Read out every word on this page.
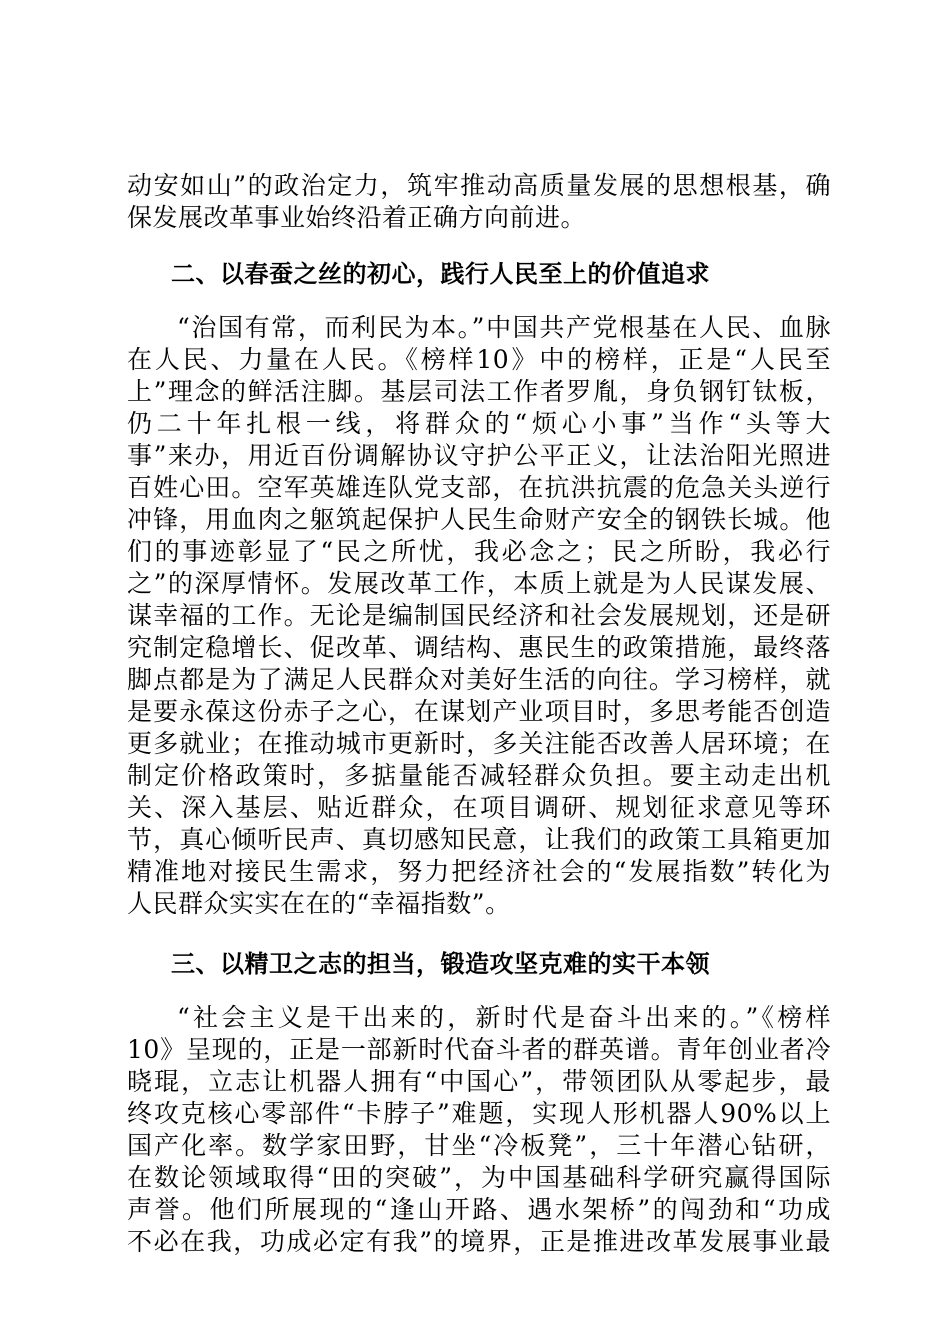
动安如山”的政治定力，筑牢推动高质量发展的思想根基，确
保发展改革事业始终沿着正确方向前进。
二、以春蚕之丝的初心，践行人民至上的价值追求
“治国有常，而利民为本。”中国共产党根基在人民、血脉
在人民、力量在人民。《榜样10》中的榜样，正是“人民至
上”理念的鲜活注脚。基层司法工作者罗胤，身负钢钉钛板，
仍二十年扎根一线，将群众的“烦心小事”当作“头等大
事”来办，用近百份调解协议守护公平正义，让法治阳光照进
百姓心田。空军英雄连队党支部，在抗洪抗震的危急关头逆行
冲锋，用血肉之躯筑起保护人民生命财产安全的钢铁长城。他
们的事迹彰显了“民之所忧，我必念之；民之所盼，我必行
之”的深厚情怀。发展改革工作，本质上就是为人民谋发展、
谋幸福的工作。无论是编制国民经济和社会发展规划，还是研
究制定稳增长、促改革、调结构、惠民生的政策措施，最终落
脚点都是为了满足人民群众对美好生活的向往。学习榜样，就
是要永葆这份赤子之心，在谋划产业项目时，多思考能否创造
更多就业；在推动城市更新时，多关注能否改善人居环境；在
制定价格政策时，多掂量能否减轻群众负担。要主动走出机
关、深入基层、贴近群众，在项目调研、规划征求意见等环
节，真心倾听民声、真切感知民意，让我们的政策工具箱更加
精准地对接民生需求，努力把经济社会的“发展指数”转化为
人民群众实实在在的“幸福指数”。
三、以精卫之志的担当，锻造攻坚克难的实干本领
“社会主义是干出来的，新时代是奋斗出来的。”《榜样
10》呈现的，正是一部新时代奋斗者的群英谱。青年创业者冷
晓琨，立志让机器人拥有“中国心”，带领团队从零起步，最
终攻克核心零部件“卡脖子”难题，实现人形机器人90%以上
国产化率。数学家田野，甘坐“冷板凳”，三十年潜心钻研，
在数论领域取得“田的突破”，为中国基础科学研究赢得国际
声誉。他们所展现的“逢山开路、遇水架桥”的闯劲和“功成
不必在我，功成必定有我”的境界，正是推进改革发展事业最
